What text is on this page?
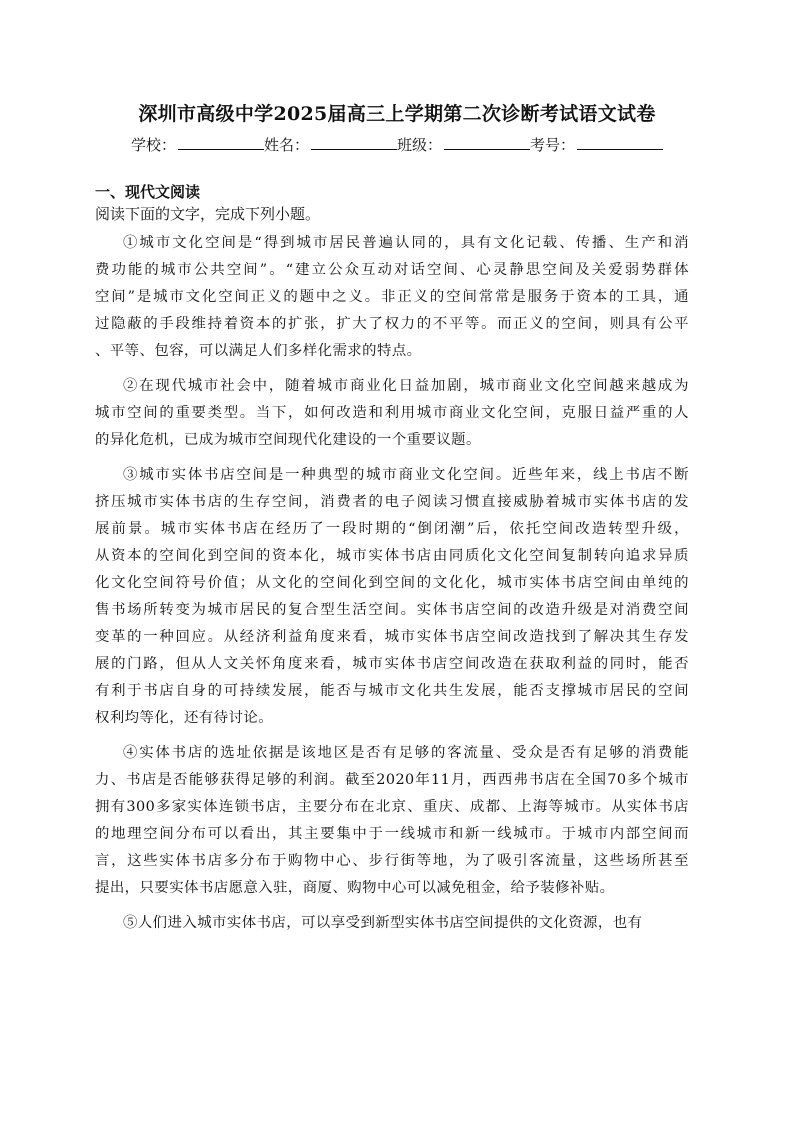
深圳市高级中学2025届高三上学期第二次诊断考试语文试卷
学校：	姓名：	班级：	考号：
一、现代文阅读
阅读下面的文字，完成下列小题。
①城市文化空间是“得到城市居民普遍认同的，具有文化记载、传播、生产和消
费功能的城市公共空间”。“建立公众互动对话空间、心灵静思空间及关爱弱势群体
空间”是城市文化空间正义的题中之义。非正义的空间常常是服务于资本的工具，通
过隐蔽的手段维持着资本的扩张，扩大了权力的不平等。而正义的空间，则具有公平
、平等、包容，可以满足人们多样化需求的特点。
②在现代城市社会中，随着城市商业化日益加剧，城市商业文化空间越来越成为
城市空间的重要类型。当下，如何改造和利用城市商业文化空间，克服日益严重的人
的异化危机，已成为城市空间现代化建设的一个重要议题。
③城市实体书店空间是一种典型的城市商业文化空间。近些年来，线上书店不断
挤压城市实体书店的生存空间，消费者的电子阅读习惯直接威胁着城市实体书店的发
展前景。城市实体书店在经历了一段时期的“倒闭潮”后，依托空间改造转型升级，
从资本的空间化到空间的资本化，城市实体书店由同质化文化空间复制转向追求异质
化文化空间符号价值；从文化的空间化到空间的文化化，城市实体书店空间由单纯的
售书场所转变为城市居民的复合型生活空间。实体书店空间的改造升级是对消费空间
变革的一种回应。从经济利益角度来看，城市实体书店空间改造找到了解决其生存发
展的门路，但从人文关怀角度来看，城市实体书店空间改造在获取利益的同时，能否
有利于书店自身的可持续发展，能否与城市文化共生发展，能否支撑城市居民的空间
权利均等化，还有待讨论。
④实体书店的选址依据是该地区是否有足够的客流量、受众是否有足够的消费能
力、书店是否能够获得足够的利润。截至2020年11月，西西弗书店在全国70多个城市
拥有300多家实体连锁书店，主要分布在北京、重庆、成都、上海等城市。从实体书店
的地理空间分布可以看出，其主要集中于一线城市和新一线城市。于城市内部空间而
言，这些实体书店多分布于购物中心、步行街等地，为了吸引客流量，这些场所甚至
提出，只要实体书店愿意入驻，商厦、购物中心可以减免租金，给予装修补贴。
⑤人们进入城市实体书店，可以享受到新型实体书店空间提供的文化资源，也有
